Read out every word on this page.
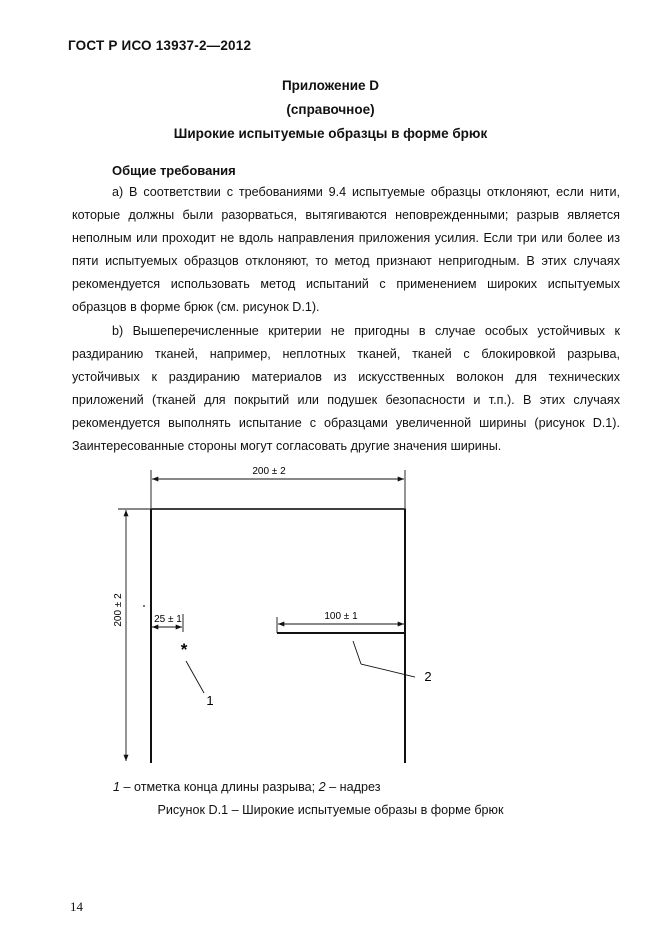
ГОСТ Р ИСО 13937-2—2012
Приложение D
(справочное)
Широкие испытуемые образцы в форме брюк
Общие требования
а) В соответствии с требованиями 9.4 испытуемые образцы отклоняют, если нити, которые должны были разорваться, вытягиваются неповрежденными; разрыв является неполным или проходит не вдоль направления приложения усилия. Если три или более из пяти испытуемых образцов отклоняют, то метод признают непригодным. В этих случаях рекомендуется использовать метод испытаний с применением широких испытуемых образцов в форме брюк (см. рисунок D.1).
b) Вышеперечисленные критерии не пригодны в случае особых устойчивых к раздиранию тканей, например, неплотных тканей, тканей с блокировкой разрыва, устойчивых к раздиранию материалов из искусственных волокон для технических приложений (тканей для покрытий или подушек безопасности и т.п.). В этих случаях рекомендуется выполнять испытание с образцами увеличенной ширины (рисунок D.1). Заинтересованные стороны могут согласовать другие значения ширины.
200 ± 2
200 ± 2	25 ± 1
*
1
100 ± 1
2
1 – отметка конца длины разрыва; 2 – надрез
Рисунок D.1 – Широкие испытуемые образы в форме брюк
14
